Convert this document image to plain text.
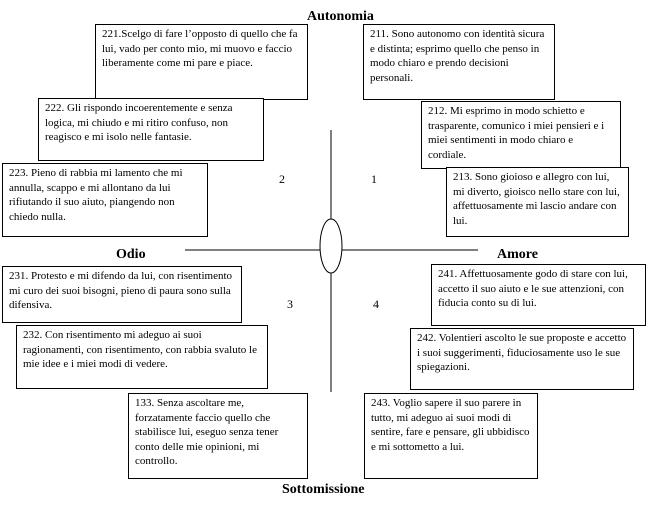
Autonomia
Sottomissione
Odio	Amore
1
2
3	4
221.Scelgo di fare l’opposto di quello che fa lui, vado per conto mio, mi muovo e faccio liberamente come mi pare e piace.
211. Sono autonomo con identità sicura e distinta; esprimo quello che penso in modo chiaro e prendo decisioni personali.
222. Gli rispondo incoerentemente e senza logica, mi chiudo e mi ritiro confuso, non reagisco e mi isolo nelle fantasie.
212. Mi esprimo in modo schietto e trasparente, comunico i miei pensieri e i miei sentimenti in modo chiaro e cordiale.
223. Pieno di rabbia mi lamento che mi annulla, scappo e mi allontano da lui rifiutando il suo aiuto, piangendo non chiedo nulla.
213. Sono gioioso e allegro con lui, mi diverto, gioisco nello stare con lui, affettuosamente mi lascio andare con lui.
231. Protesto e mi difendo da lui, con risentimento mi curo dei suoi bisogni, pieno di paura sono sulla difensiva.
241. Affettuosamente godo di stare con lui, accetto il suo aiuto e le sue attenzioni, con fiducia conto su di lui.
232. Con risentimento mi adeguo ai suoi ragionamenti, con risentimento, con rabbia svaluto le mie idee e i miei modi di vedere.
242. Volentieri ascolto le sue proposte e accetto i suoi suggerimenti, fiduciosamente uso le sue spiegazioni.
133. Senza ascoltare me, forzatamente faccio quello che stabilisce lui, eseguo senza tener conto delle mie opinioni, mi controllo.
243. Voglio sapere il suo parere in tutto, mi adeguo ai suoi modi di sentire, fare e pensare, gli ubbidisco e mi sottometto a lui.
